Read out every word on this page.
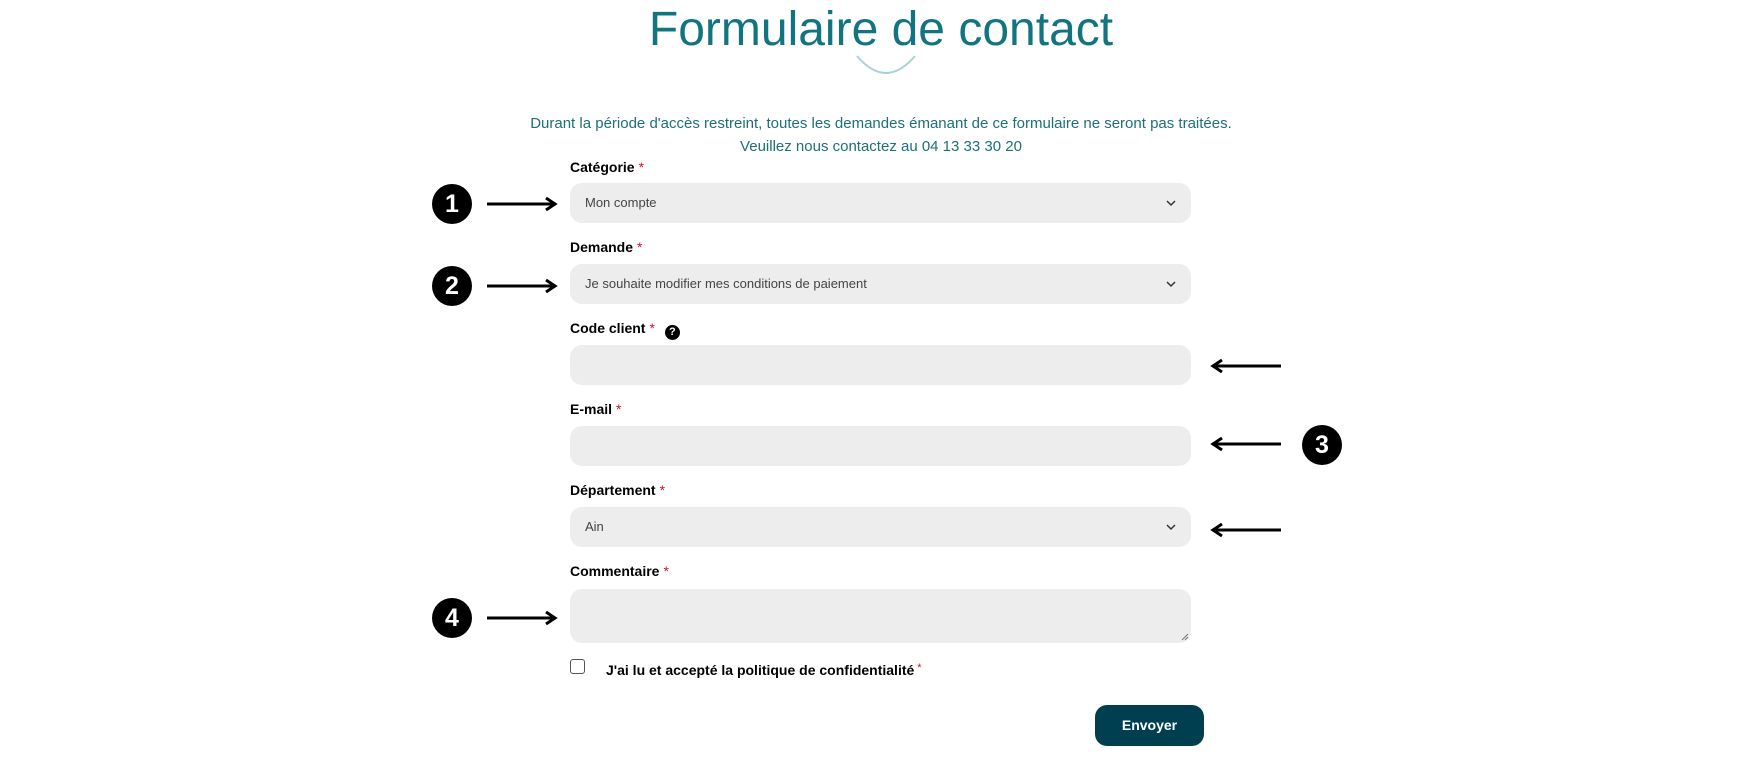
Formulaire de contact
Durant la période d'accès restreint, toutes les demandes émanant de ce formulaire ne seront pas traitées.
Veuillez nous contactez au 04 13 33 30 20
Catégorie *
Mon compte
Demande *
Je souhaite modifier mes conditions de paiement
Code client * ?
E-mail *
Département *
Ain
Commentaire *
J'ai lu et accepté la politique de confidentialité *
Envoyer
1
2
3
4
